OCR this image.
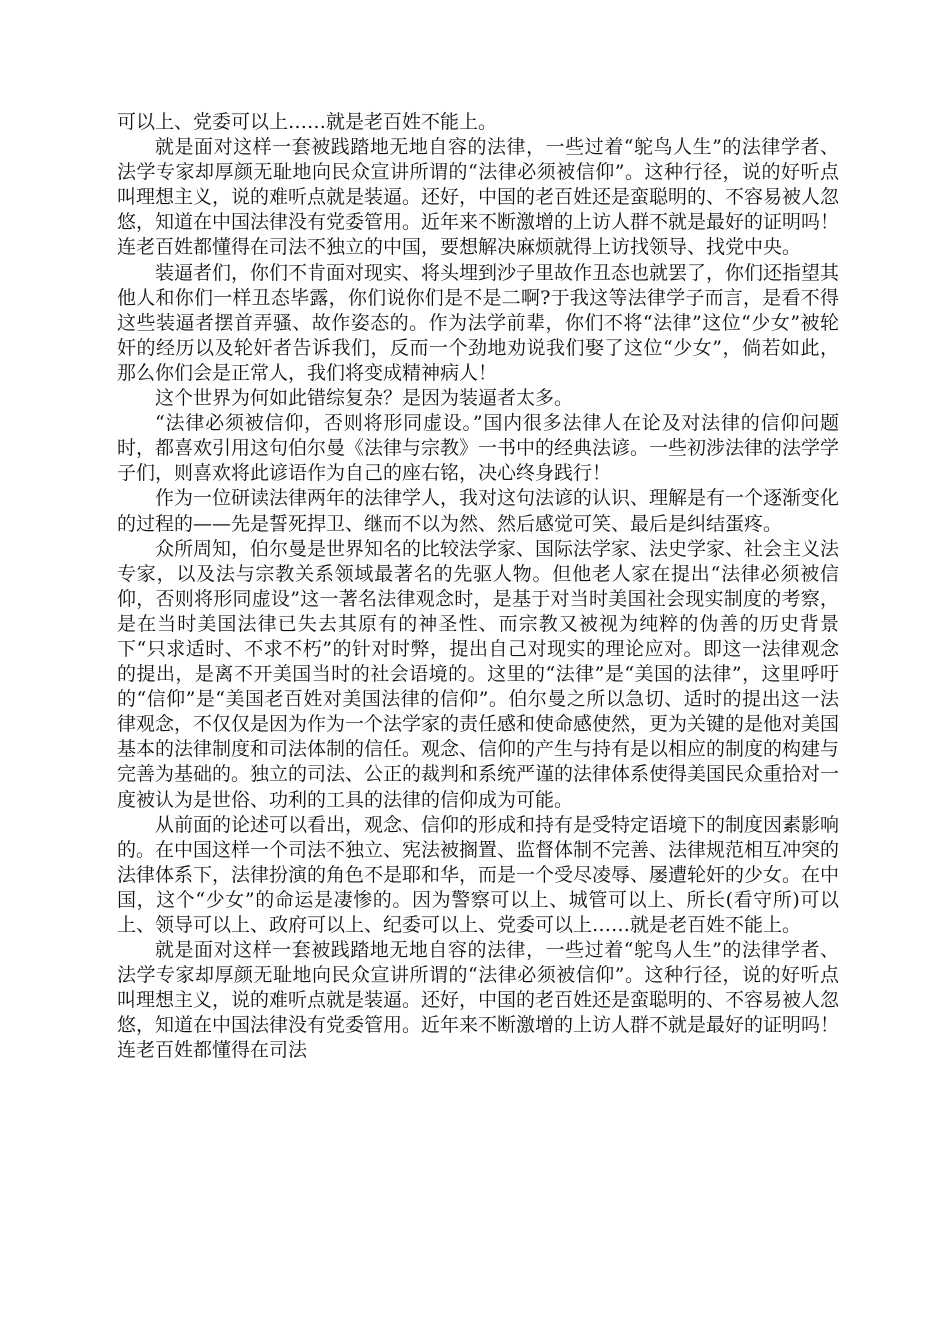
可以上、党委可以上……就是老百姓不能上。

就是面对这样一套被践踏地无地自容的法律，一些过着“鸵鸟人生”的法律学者、法学专家却厚颜无耻地向民众宣讲所谓的“法律必须被信仰”。这种行径，说的好听点叫理想主义，说的难听点就是装逼。还好，中国的老百姓还是蛮聪明的、不容易被人忽悠，知道在中国法律没有党委管用。近年来不断激增的上访人群不就是最好的证明吗！连老百姓都懂得在司法不独立的中国，要想解决麻烦就得上访找领导、找党中央。

装逼者们，你们不肯面对现实、将头埋到沙子里故作丑态也就罢了，你们还指望其他人和你们一样丑态毕露，你们说你们是不是二啊?于我这等法律学子而言，是看不得这些装逼者摆首弄骚、故作姿态的。作为法学前辈，你们不将“法律”这位“少女”被轮奸的经历以及轮奸者告诉我们，反而一个劲地劝说我们娶了这位“少女”，倘若如此，那么你们会是正常人，我们将变成精神病人！

这个世界为何如此错综复杂？是因为装逼者太多。

“法律必须被信仰，否则将形同虚设。”国内很多法律人在论及对法律的信仰问题时，都喜欢引用这句伯尔曼《法律与宗教》一书中的经典法谚。一些初涉法律的法学学子们，则喜欢将此谚语作为自己的座右铭，决心终身践行！

作为一位研读法律两年的法律学人，我对这句法谚的认识、理解是有一个逐渐变化的过程的——先是誓死捍卫、继而不以为然、然后感觉可笑、最后是纠结蛋疼。

众所周知，伯尔曼是世界知名的比较法学家、国际法学家、法史学家、社会主义法专家，以及法与宗教关系领域最著名的先驱人物。但他老人家在提出“法律必须被信仰，否则将形同虚设”这一著名法律观念时，是基于对当时美国社会现实制度的考察，是在当时美国法律已失去其原有的神圣性、而宗教又被视为纯粹的伪善的历史背景下“只求适时、不求不朽”的针对时弊，提出自己对现实的理论应对。即这一法律观念的提出，是离不开美国当时的社会语境的。这里的“法律”是“美国的法律”，这里呼吁的“信仰”是“美国老百姓对美国法律的信仰”。伯尔曼之所以急切、适时的提出这一法律观念，不仅仅是因为作为一个法学家的责任感和使命感使然，更为关键的是他对美国基本的法律制度和司法体制的信任。观念、信仰的产生与持有是以相应的制度的构建与完善为基础的。独立的司法、公正的裁判和系统严谨的法律体系使得美国民众重拾对一度被认为是世俗、功利的工具的法律的信仰成为可能。

从前面的论述可以看出，观念、信仰的形成和持有是受特定语境下的制度因素影响的。在中国这样一个司法不独立、宪法被搁置、监督体制不完善、法律规范相互冲突的法律体系下，法律扮演的角色不是耶和华，而是一个受尽凌辱、屡遭轮奸的少女。在中国，这个“少女”的命运是凄惨的。因为警察可以上、城管可以上、所长(看守所)可以上、领导可以上、政府可以上、纪委可以上、党委可以上……就是老百姓不能上。

就是面对这样一套被践踏地无地自容的法律，一些过着“鸵鸟人生”的法律学者、法学专家却厚颜无耻地向民众宣讲所谓的“法律必须被信仰”。这种行径，说的好听点叫理想主义，说的难听点就是装逼。还好，中国的老百姓还是蛮聪明的、不容易被人忽悠，知道在中国法律没有党委管用。近年来不断激增的上访人群不就是最好的证明吗！连老百姓都懂得在司法
